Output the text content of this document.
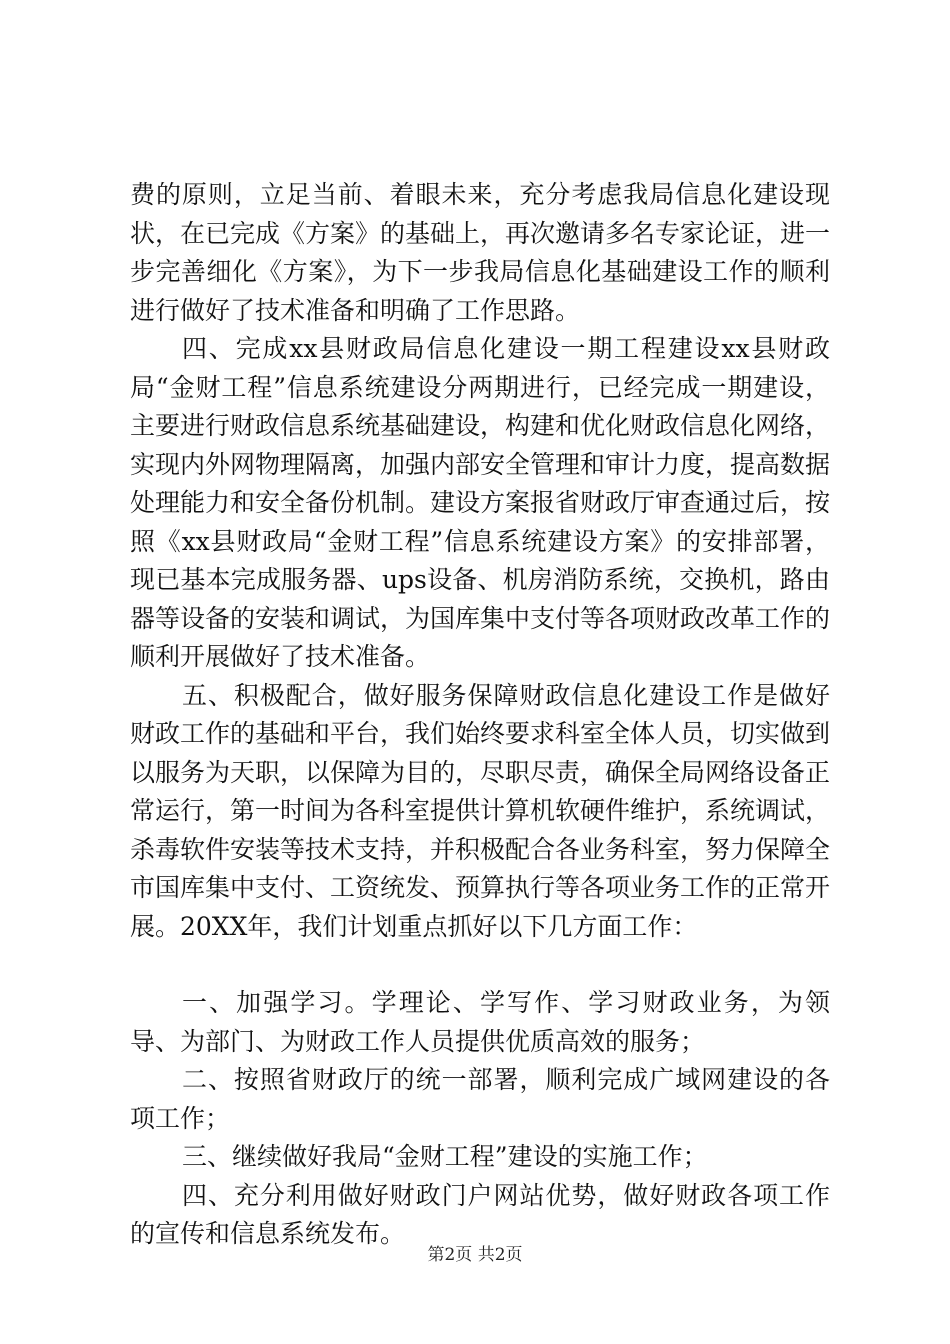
费的原则，立足当前、着眼未来，充分考虑我局信息化建设现状，在已完成《方案》的基础上，再次邀请多名专家论证，进一步完善细化《方案》，为下一步我局信息化基础建设工作的顺利进行做好了技术准备和明确了工作思路。

四、完成xx县财政局信息化建设一期工程建设xx县财政局“金财工程”信息系统建设分两期进行，已经完成一期建设，主要进行财政信息系统基础建设，构建和优化财政信息化网络，实现内外网物理隔离，加强内部安全管理和审计力度，提高数据处理能力和安全备份机制。建设方案报省财政厅审查通过后，按照《xx县财政局“金财工程”信息系统建设方案》的安排部署，现已基本完成服务器、ups设备、机房消防系统，交换机，路由器等设备的安装和调试，为国库集中支付等各项财政改革工作的顺利开展做好了技术准备。

五、积极配合，做好服务保障财政信息化建设工作是做好财政工作的基础和平台，我们始终要求科室全体人员，切实做到以服务为天职，以保障为目的，尽职尽责，确保全局网络设备正常运行，第一时间为各科室提供计算机软硬件维护，系统调试，杀毒软件安装等技术支持，并积极配合各业务科室，努力保障全市国库集中支付、工资统发、预算执行等各项业务工作的正常开展。20XX年，我们计划重点抓好以下几方面工作：

一、加强学习。学理论、学写作、学习财政业务，为领导、为部门、为财政工作人员提供优质高效的服务；

二、按照省财政厅的统一部署，顺利完成广域网建设的各项工作；

三、继续做好我局“金财工程”建设的实施工作；

四、充分利用做好财政门户网站优势，做好财政各项工作的宣传和信息系统发布。

第2页 共2页
